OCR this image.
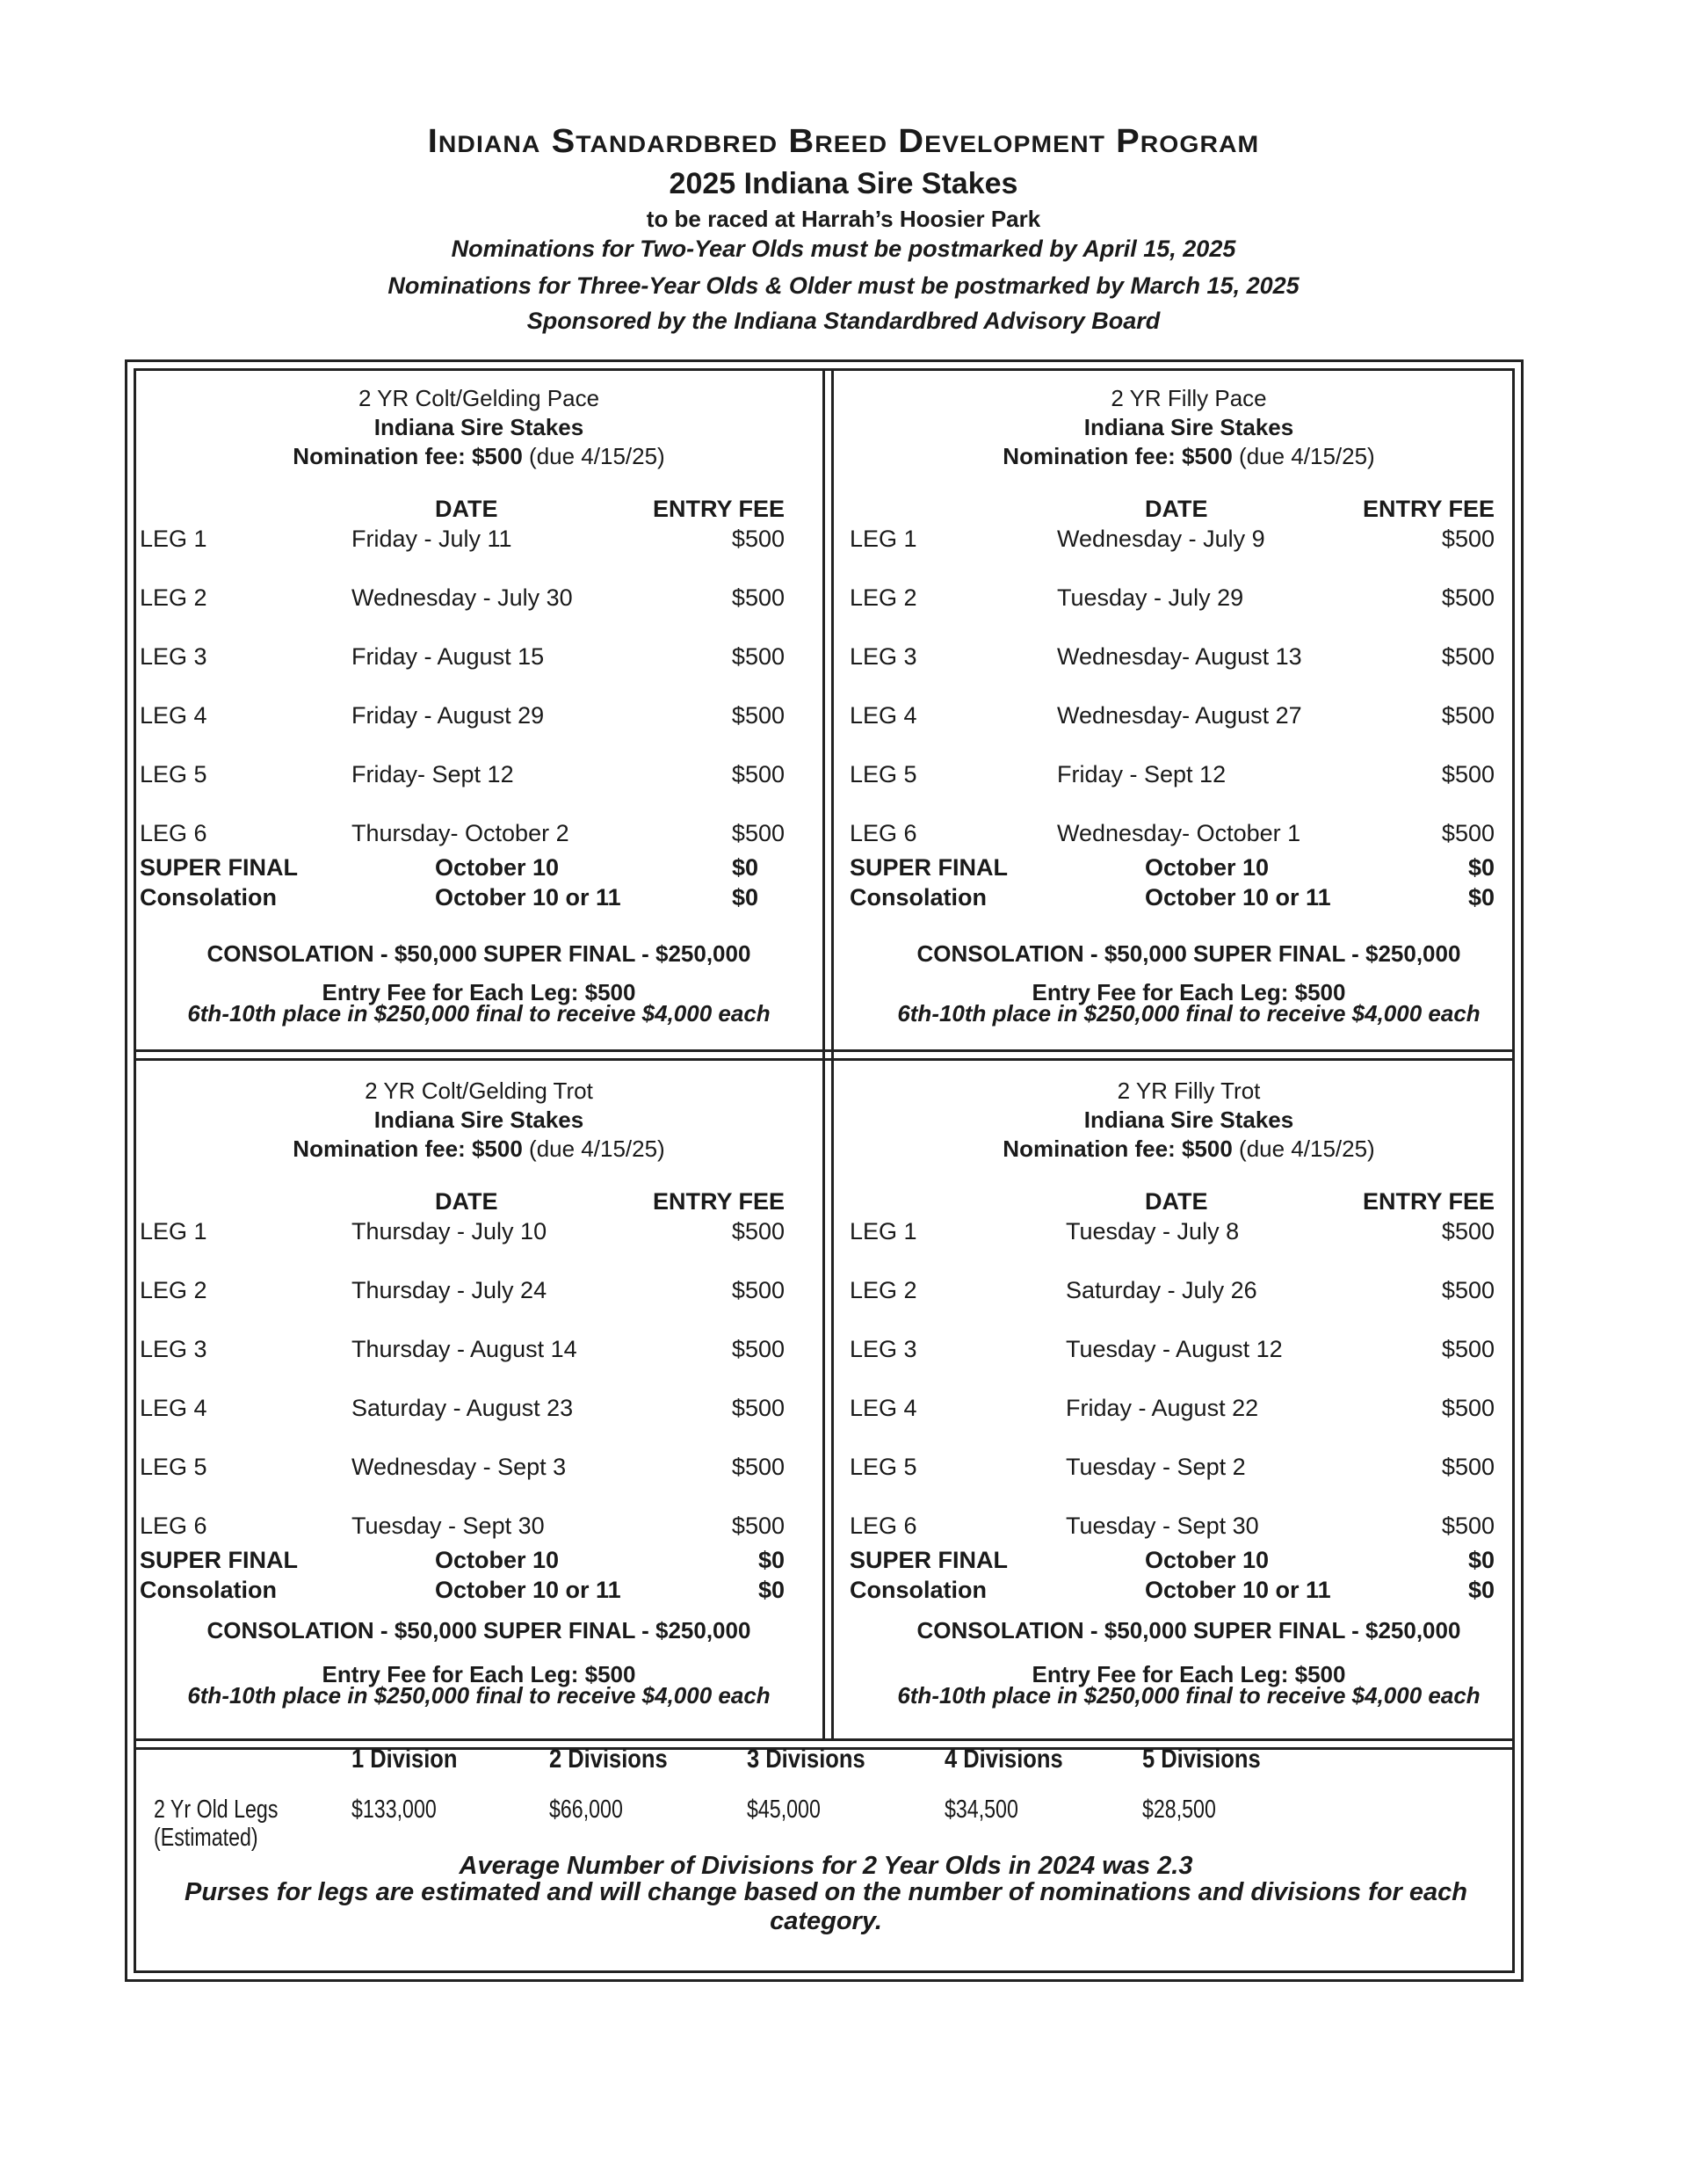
Indiana Standardbred Breed Development Program
2025 Indiana Sire Stakes
to be raced at Harrah’s Hoosier Park
Nominations for Two-Year Olds must be postmarked by April 15, 2025
Nominations for Three-Year Olds & Older must be postmarked by March 15, 2025
Sponsored by the Indiana Standardbred Advisory Board
2 YR Colt/Gelding Pace
Indiana Sire Stakes
Nomination fee: $500 (due 4/15/25)
DATE	ENTRY FEE
LEG 1	Friday - July 11	$500
LEG 2	Wednesday - July 30	$500
LEG 3	Friday - August 15	$500
LEG 4	Friday - August 29	$500
LEG 5	Friday- Sept 12	$500
LEG 6	Thursday- October 2	$500
SUPER FINAL	October 10	$0
Consolation	October 10 or 11	$0
CONSOLATION - $50,000 SUPER FINAL - $250,000
Entry Fee for Each Leg: $500
6th-10th place in $250,000 final to receive $4,000 each
2 YR Filly Pace
Indiana Sire Stakes
Nomination fee: $500 (due 4/15/25)
DATE	ENTRY FEE
LEG 1	Wednesday - July 9	$500
LEG 2	Tuesday - July 29	$500
LEG 3	Wednesday- August 13	$500
LEG 4	Wednesday- August 27	$500
LEG 5	Friday - Sept 12	$500
LEG 6	Wednesday- October 1	$500
SUPER FINAL	October 10	$0
Consolation	October 10 or 11	$0
CONSOLATION - $50,000 SUPER FINAL - $250,000
Entry Fee for Each Leg: $500
6th-10th place in $250,000 final to receive $4,000 each
2 YR Colt/Gelding Trot
Indiana Sire Stakes
Nomination fee: $500 (due 4/15/25)
DATE	ENTRY FEE
LEG 1	Thursday - July 10	$500
LEG 2	Thursday - July 24	$500
LEG 3	Thursday - August 14	$500
LEG 4	Saturday - August 23	$500
LEG 5	Wednesday - Sept 3	$500
LEG 6	Tuesday - Sept 30	$500
SUPER FINAL	October 10	$0
Consolation	October 10 or 11	$0
CONSOLATION - $50,000 SUPER FINAL - $250,000
Entry Fee for Each Leg: $500
6th-10th place in $250,000 final to receive $4,000 each
2 YR Filly Trot
Indiana Sire Stakes
Nomination fee: $500 (due 4/15/25)
DATE	ENTRY FEE
LEG 1	Tuesday - July 8	$500
LEG 2	Saturday - July 26	$500
LEG 3	Tuesday - August 12	$500
LEG 4	Friday - August 22	$500
LEG 5	Tuesday - Sept 2	$500
LEG 6	Tuesday - Sept 30	$500
SUPER FINAL	October 10	$0
Consolation	October 10 or 11	$0
CONSOLATION - $50,000 SUPER FINAL - $250,000
Entry Fee for Each Leg: $500
6th-10th place in $250,000 final to receive $4,000 each
1 Division	2 Divisions	3 Divisions	4 Divisions	5 Divisions
2 Yr Old Legs
(Estimated)
$133,000	$66,000	$45,000	$34,500	$28,500
Average Number of Divisions for 2 Year Olds in 2024 was 2.3
Purses for legs are estimated and will change based on the number of nominations and divisions for each category.
